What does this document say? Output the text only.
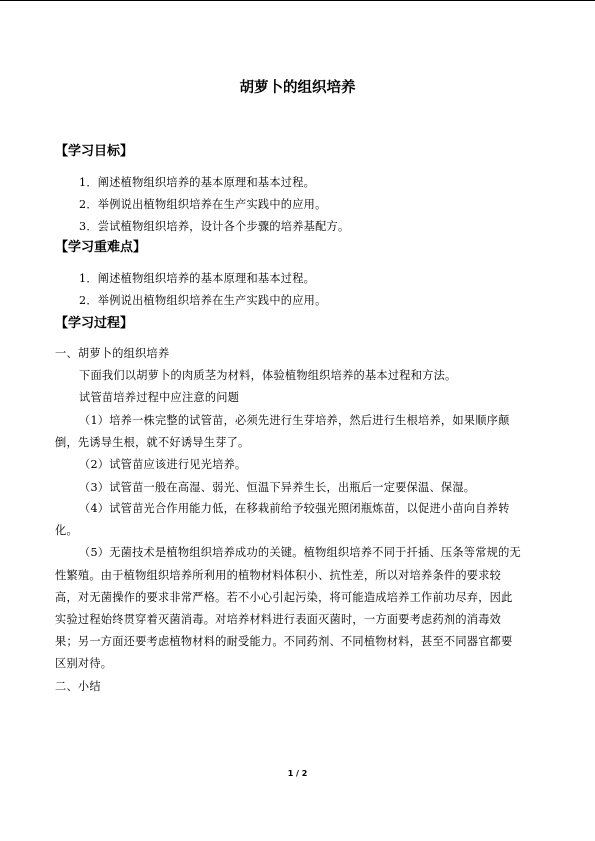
胡萝卜的组织培养
【学习目标】
1．阐述植物组织培养的基本原理和基本过程。
2．举例说出植物组织培养在生产实践中的应用。
3．尝试植物组织培养，设计各个步骤的培养基配方。
【学习重难点】
1．阐述植物组织培养的基本原理和基本过程。
2．举例说出植物组织培养在生产实践中的应用。
【学习过程】
一、胡萝卜的组织培养
下面我们以胡萝卜的肉质茎为材料，体验植物组织培养的基本过程和方法。
试管苗培养过程中应注意的问题
（1）培养一株完整的试管苗，必须先进行生芽培养，然后进行生根培养，如果顺序颠
倒，先诱导生根，就不好诱导生芽了。
（2）试管苗应该进行见光培养。
（3）试管苗一般在高湿、弱光、恒温下异养生长，出瓶后一定要保温、保湿。
（4）试管苗光合作用能力低，在移栽前给予较强光照闭瓶炼苗，以促进小苗向自养转
化。
（5）无菌技术是植物组织培养成功的关键。植物组织培养不同于扦插、压条等常规的无
性繁殖。由于植物组织培养所利用的植物材料体积小、抗性差，所以对培养条件的要求较
高，对无菌操作的要求非常严格。若不小心引起污染，将可能造成培养工作前功尽弃，因此
实验过程始终贯穿着灭菌消毒。对培养材料进行表面灭菌时，一方面要考虑药剂的消毒效
果；另一方面还要考虑植物材料的耐受能力。不同药剂、不同植物材料，甚至不同器官都要
区别对待。
二、小结
1 / 2
